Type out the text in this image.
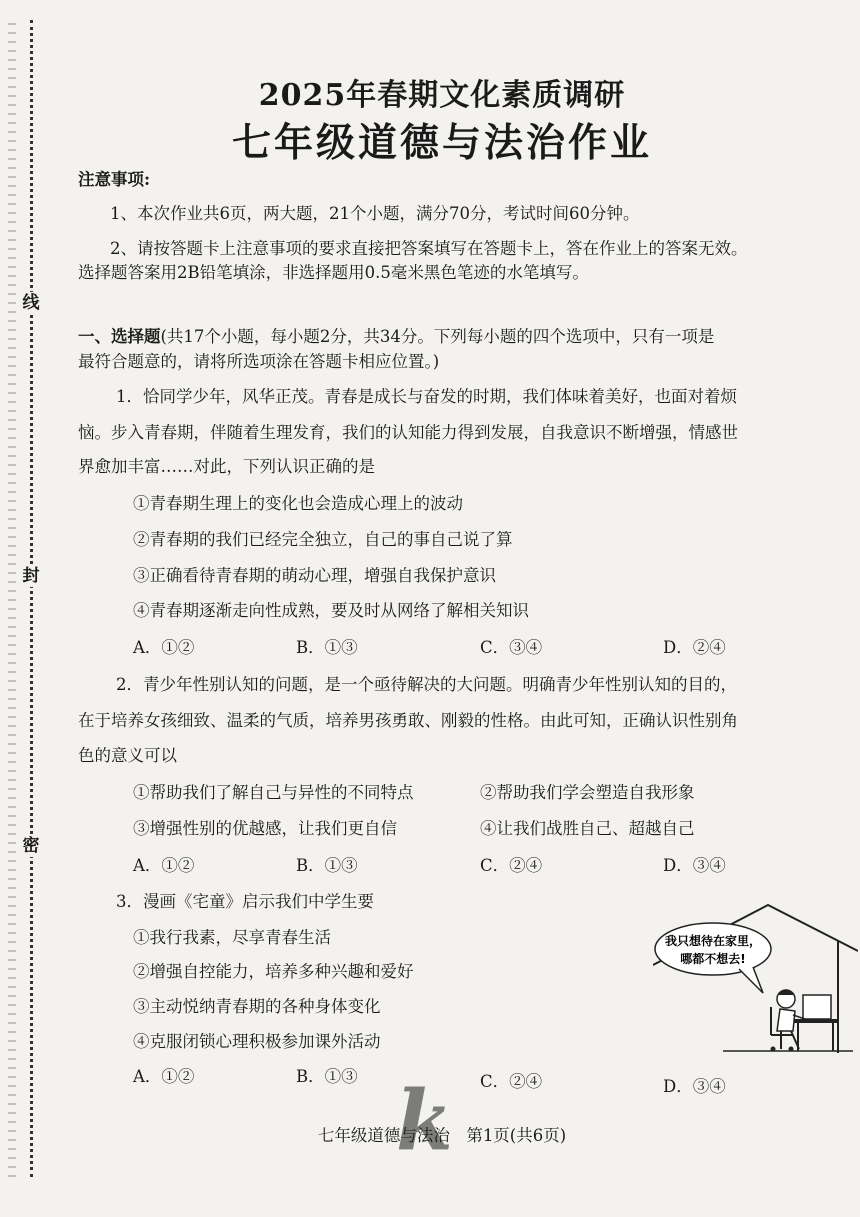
线
封
密
2025年春期文化素质调研
七年级道德与法治作业
注意事项:
1、本次作业共6页，两大题，21个小题，满分70分，考试时间60分钟。
2、请按答题卡上注意事项的要求直接把答案填写在答题卡上，答在作业上的答案无效。
选择题答案用2B铅笔填涂，非选择题用0.5毫米黑色笔迹的水笔填写。
一、选择题(共17个小题，每小题2分，共34分。下列每小题的四个选项中，只有一项是
最符合题意的，请将所选项涂在答题卡相应位置。)
1．恰同学少年，风华正茂。青春是成长与奋发的时期，我们体味着美好，也面对着烦
恼。步入青春期，伴随着生理发育，我们的认知能力得到发展，自我意识不断增强，情感世
界愈加丰富……对此，下列认识正确的是
①青春期生理上的变化也会造成心理上的波动
②青春期的我们已经完全独立，自己的事自己说了算
③正确看待青春期的萌动心理，增强自我保护意识
④青春期逐渐走向性成熟，要及时从网络了解相关知识
A．①②	B．①③	C．③④	D．②④
2．青少年性别认知的问题，是一个亟待解决的大问题。明确青少年性别认知的目的，
在于培养女孩细致、温柔的气质，培养男孩勇敢、刚毅的性格。由此可知，正确认识性别角
色的意义可以
①帮助我们了解自己与异性的不同特点	②帮助我们学会塑造自我形象
③增强性别的优越感，让我们更自信	④让我们战胜自己、超越自己
A．①②	B．①③	C．②④	D．③④
3．漫画《宅童》启示我们中学生要
①我行我素，尽享青春生活
②增强自控能力，培养多种兴趣和爱好
③主动悦纳青春期的各种身体变化
④克服闭锁心理积极参加课外活动
A．①②	B．①③	C．②④	D．③④
我只想待在家里，
哪都不想去!
k
七年级道德与法治　第1页(共6页)
